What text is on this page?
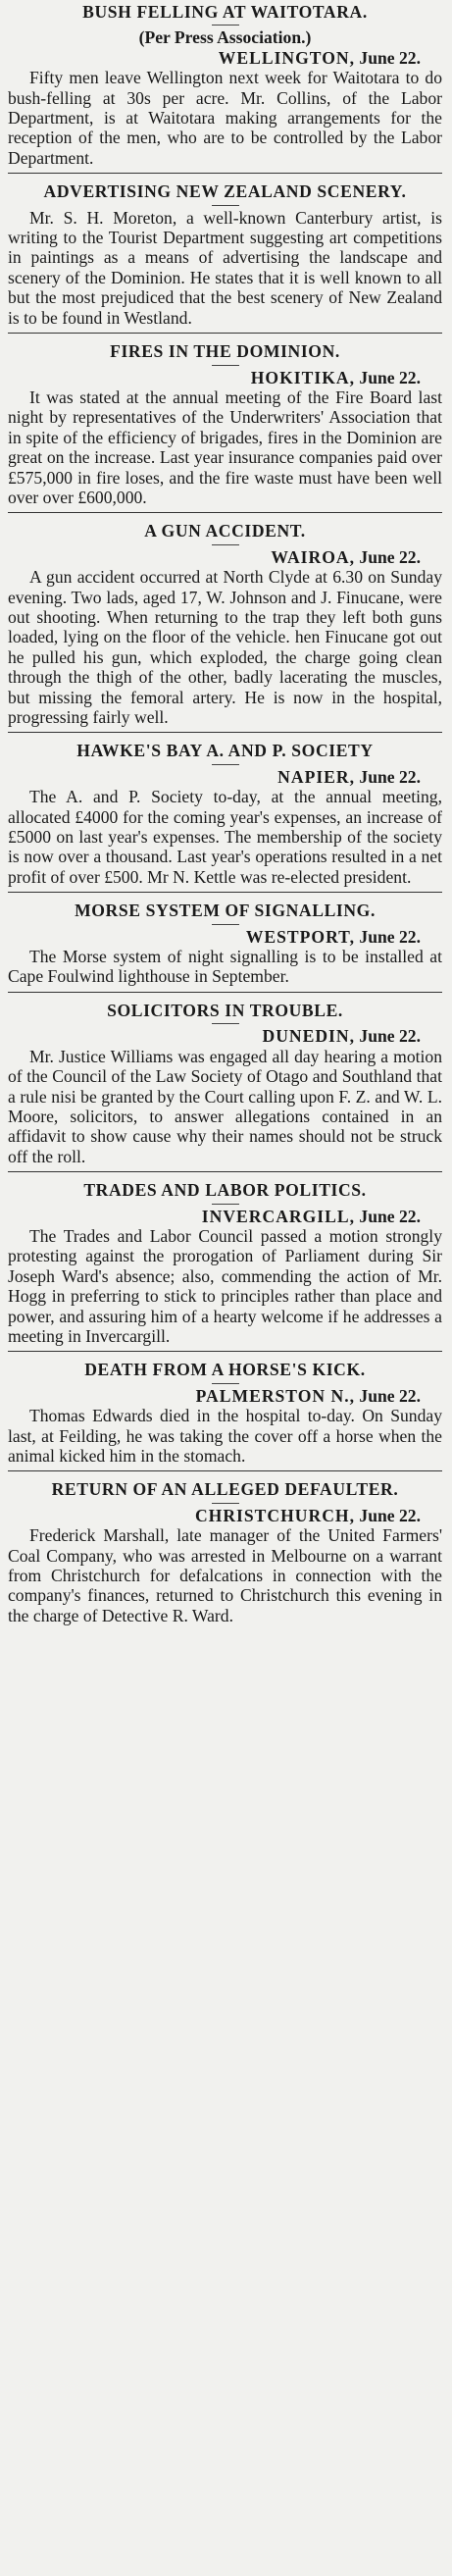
BUSH FELLING AT WAITOTARA.
(Per Press Association.)
WELLINGTON, June 22.

Fifty men leave Wellington next week for Waitotara to do bush-felling at 30s per acre. Mr. Collins, of the Labor Department, is at Waitotara making arrangements for the reception of the men, who are to be controlled by the Labor Department.

ADVERTISING NEW ZEALAND SCENERY.

Mr. S. H. Moreton, a well-known Canterbury artist, is writing to the Tourist Department suggesting art competitions in paintings as a means of advertising the landscape and scenery of the Dominion. He states that it is well known to all but the most prejudiced that the best scenery of New Zealand is to be found in Westland.

FIRES IN THE DOMINION.
HOKITIKA, June 22.

It was stated at the annual meeting of the Fire Board last night by representatives of the Underwriters' Association that in spite of the efficiency of brigades, fires in the Dominion are great on the increase. Last year insurance companies paid over £575,000 in fire loses, and the fire waste must have been well over over £600,000.

A GUN ACCIDENT.
WAIROA, June 22.

A gun accident occurred at North Clyde at 6.30 on Sunday evening. Two lads, aged 17, W. Johnson and J. Finucane, were out shooting. When returning to the trap they left both guns loaded, lying on the floor of the vehicle. hen Finucane got out he pulled his gun, which exploded, the charge going clean through the thigh of the other, badly lacerating the muscles, but missing the femoral artery. He is now in the hospital, progressing fairly well.

HAWKE'S BAY A. AND P. SOCIETY
NAPIER, June 22.

The A. and P. Society to-day, at the annual meeting, allocated £4000 for the coming year's expenses, an increase of £5000 on last year's expenses. The membership of the society is now over a thousand. Last year's operations resulted in a net profit of over £500. Mr N. Kettle was re-elected president.

MORSE SYSTEM OF SIGNALLING.
WESTPORT, June 22.

The Morse system of night signalling is to be installed at Cape Foulwind lighthouse in September.

SOLICITORS IN TROUBLE.
DUNEDIN, June 22.

Mr. Justice Williams was engaged all day hearing a motion of the Council of the Law Society of Otago and Southland that a rule nisi be granted by the Court calling upon F. Z. and W. L. Moore, solicitors, to answer allegations contained in an affidavit to show cause why their names should not be struck off the roll.

TRADES AND LABOR POLITICS.
INVERCARGILL, June 22.

The Trades and Labor Council passed a motion strongly protesting against the prorogation of Parliament during Sir Joseph Ward's absence; also, commending the action of Mr. Hogg in preferring to stick to principles rather than place and power, and assuring him of a hearty welcome if he addresses a meeting in Invercargill.

DEATH FROM A HORSE'S KICK.
PALMERSTON N., June 22.

Thomas Edwards died in the hospital to-day. On Sunday last, at Feilding, he was taking the cover off a horse when the animal kicked him in the stomach.

RETURN OF AN ALLEGED DEFAULTER.
CHRISTCHURCH, June 22.

Frederick Marshall, late manager of the United Farmers' Coal Company, who was arrested in Melbourne on a warrant from Christchurch for defalcations in connection with the company's finances, returned to Christchurch this evening in the charge of Detective R. Ward.
